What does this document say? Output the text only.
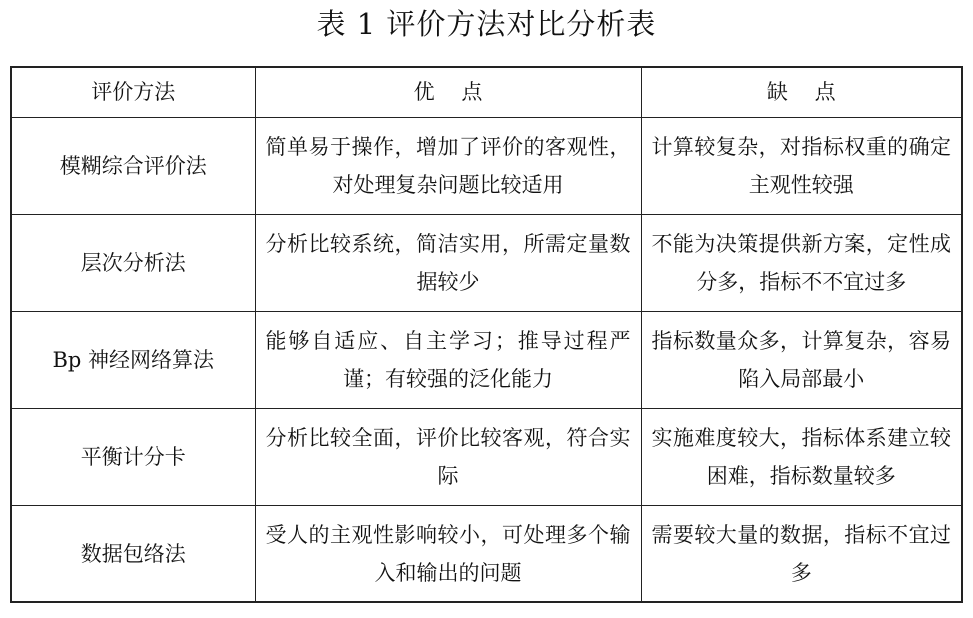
表 1 评价方法对比分析表
评价方法	优    点	缺    点
模糊综合评价法	简单易于操作，增加了评价的客观性，对处理复杂问题比较适用	计算较复杂，对指标权重的确定主观性较强

层次分析法	分析比较系统，简洁实用，所需定量数据较少	不能为决策提供新方案，定性成分多，指标不不宜过多

Bp 神经网络算法	能够自适应、自主学习；推导过程严谨；有较强的泛化能力	指标数量众多，计算复杂，容易陷入局部最小

平衡计分卡	分析比较全面，评价比较客观，符合实际	实施难度较大，指标体系建立较困难，指标数量较多

数据包络法	受人的主观性影响较小，可处理多个输入和输出的问题	需要较大量的数据，指标不宜过多
